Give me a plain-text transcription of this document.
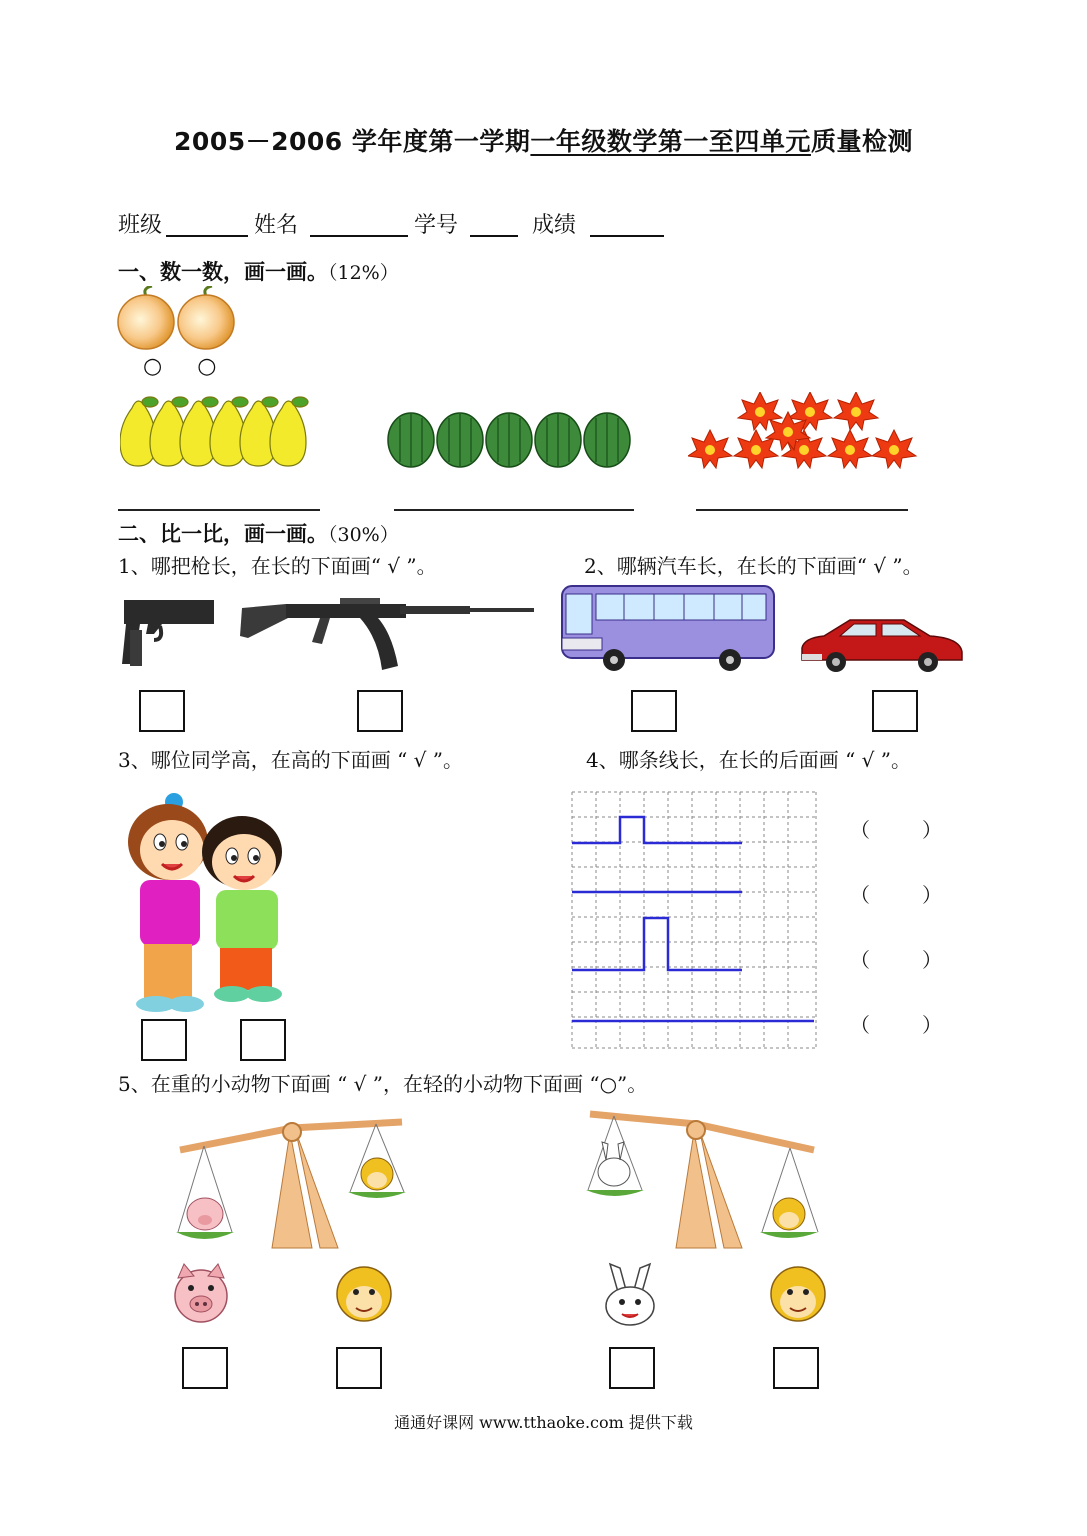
2005－2006 学年度第一学期一年级数学第一至四单元质量检测
班级	姓名	学号	成绩
一、数一数，画一画。（12%）
○ ○
二、比一比，画一画。（30%）
1、哪把枪长，在长的下面画“ √ ”。	2、哪辆汽车长，在长的下面画“ √ ”。
3、哪位同学高，在高的下面画 “ √ ”。	4、哪条线长，在长的后面画 “ √ ”。
（	）
（	）
（	）
（	）
5、在重的小动物下面画 “ √ ”，在轻的小动物下面画 “○”。
通通好课网 www.tthaoke.com 提供下载
